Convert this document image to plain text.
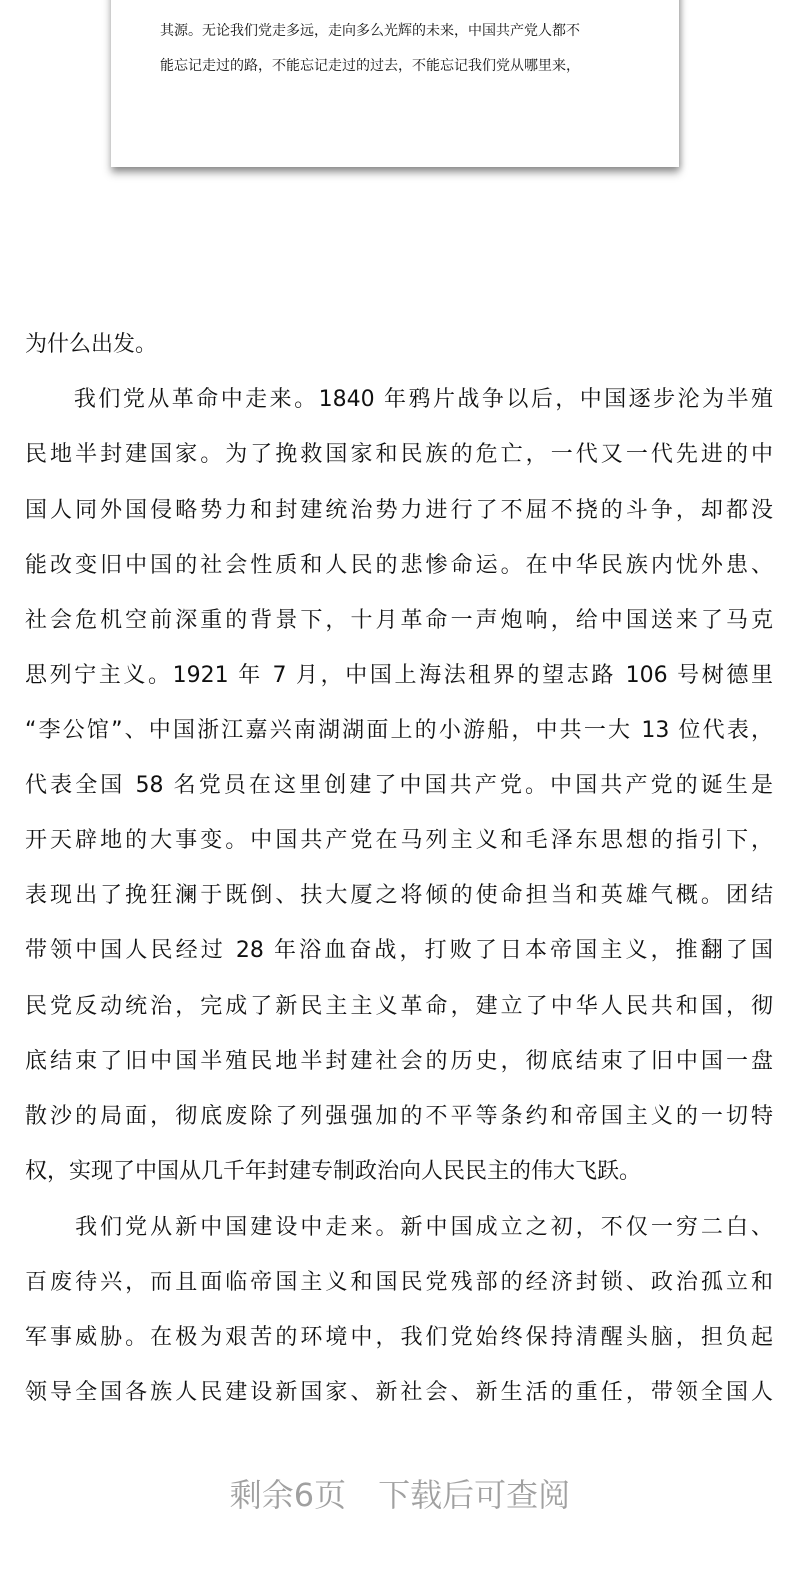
其源。无论我们党走多远，走向多么光辉的未来，中国共产党人都不
能忘记走过的路，不能忘记走过的过去，不能忘记我们党从哪里来，
为什么出发。
　　我们党从革命中走来。1840 年鸦片战争以后，中国逐步沦为半殖
民地半封建国家。为了挽救国家和民族的危亡，一代又一代先进的中
国人同外国侵略势力和封建统治势力进行了不屈不挠的斗争，却都没
能改变旧中国的社会性质和人民的悲惨命运。在中华民族内忧外患、
社会危机空前深重的背景下，十月革命一声炮响，给中国送来了马克
思列宁主义。1921 年 7 月，中国上海法租界的望志路 106 号树德里
“李公馆”、中国浙江嘉兴南湖湖面上的小游船，中共一大 13 位代表，
代表全国 58 名党员在这里创建了中国共产党。中国共产党的诞生是
开天辟地的大事变。中国共产党在马列主义和毛泽东思想的指引下，
表现出了挽狂澜于既倒、扶大厦之将倾的使命担当和英雄气概。团结
带领中国人民经过 28 年浴血奋战，打败了日本帝国主义，推翻了国
民党反动统治，完成了新民主主义革命，建立了中华人民共和国，彻
底结束了旧中国半殖民地半封建社会的历史，彻底结束了旧中国一盘
散沙的局面，彻底废除了列强强加的不平等条约和帝国主义的一切特
权，实现了中国从几千年封建专制政治向人民民主的伟大飞跃。
　　我们党从新中国建设中走来。新中国成立之初，不仅一穷二白、
百废待兴，而且面临帝国主义和国民党残部的经济封锁、政治孤立和
军事威胁。在极为艰苦的环境中，我们党始终保持清醒头脑，担负起
领导全国各族人民建设新国家、新社会、新生活的重任，带领全国人
剩余6页 下载后可查阅
